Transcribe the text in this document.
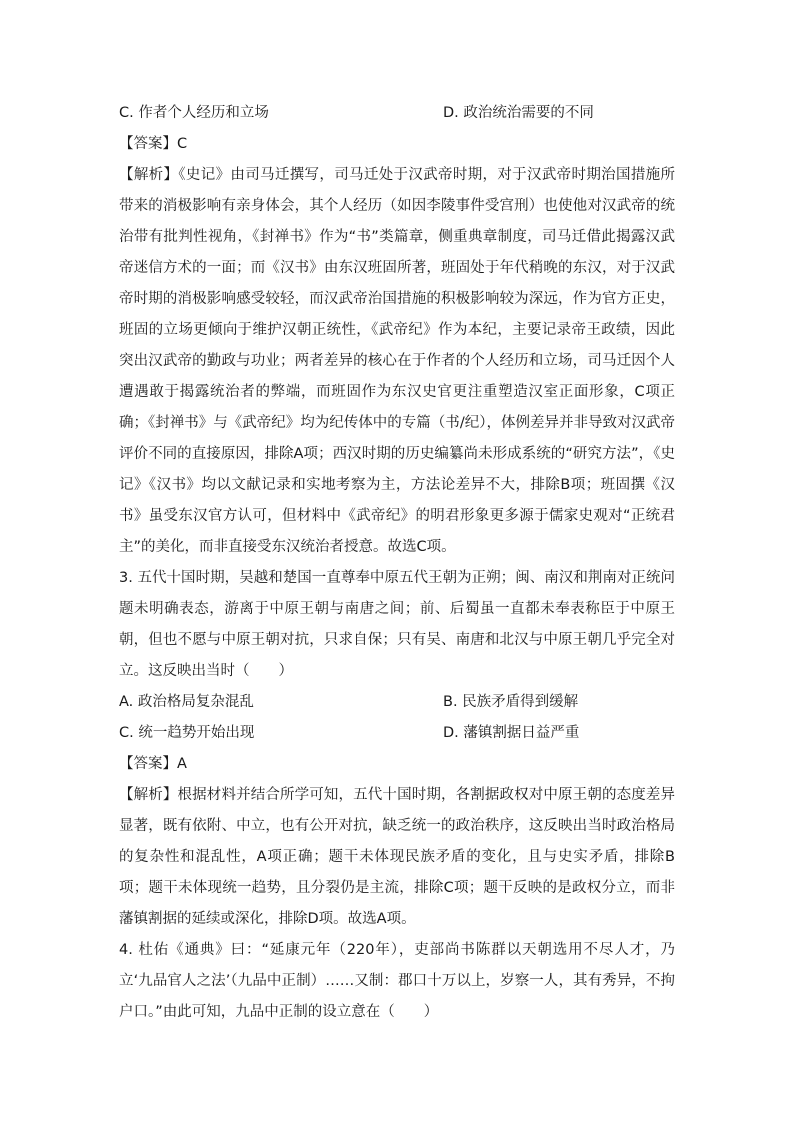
C. 作者个人经历和立场	D. 政治统治需要的不同
【答案】C
【解析】《史记》由司马迁撰写，司马迁处于汉武帝时期，对于汉武帝时期治国措施所带来的消极影响有亲身体会，其个人经历（如因李陵事件受宫刑）也使他对汉武帝的统治带有批判性视角，《封禅书》作为“书”类篇章，侧重典章制度，司马迁借此揭露汉武帝迷信方术的一面；而《汉书》由东汉班固所著，班固处于年代稍晚的东汉，对于汉武帝时期的消极影响感受较轻，而汉武帝治国措施的积极影响较为深远，作为官方正史，班固的立场更倾向于维护汉朝正统性，《武帝纪》作为本纪，主要记录帝王政绩，因此突出汉武帝的勤政与功业；两者差异的核心在于作者的个人经历和立场，司马迁因个人遭遇敢于揭露统治者的弊端，而班固作为东汉史官更注重塑造汉室正面形象，C项正确；《封禅书》与《武帝纪》均为纪传体中的专篇（书/纪），体例差异并非导致对汉武帝评价不同的直接原因，排除A项；西汉时期的历史编纂尚未形成系统的“研究方法”，《史记》《汉书》均以文献记录和实地考察为主，方法论差异不大，排除B项；班固撰《汉书》虽受东汉官方认可，但材料中《武帝纪》的明君形象更多源于儒家史观对“正统君主”的美化，而非直接受东汉统治者授意。故选C项。
3. 五代十国时期，吴越和楚国一直尊奉中原五代王朝为正朔；闽、南汉和荆南对正统问题未明确表态，游离于中原王朝与南唐之间；前、后蜀虽一直都未奉表称臣于中原王朝，但也不愿与中原王朝对抗，只求自保；只有吴、南唐和北汉与中原王朝几乎完全对立。这反映出当时（　　）
A. 政治格局复杂混乱	B. 民族矛盾得到缓解
C. 统一趋势开始出现	D. 藩镇割据日益严重
【答案】A
【解析】根据材料并结合所学可知，五代十国时期，各割据政权对中原王朝的态度差异显著，既有依附、中立，也有公开对抗，缺乏统一的政治秩序，这反映出当时政治格局的复杂性和混乱性，A项正确；题干未体现民族矛盾的变化，且与史实矛盾，排除B项；题干未体现统一趋势，且分裂仍是主流，排除C项；题干反映的是政权分立，而非藩镇割据的延续或深化，排除D项。故选A项。
4. 杜佑《通典》曰：“延康元年（220年），吏部尚书陈群以天朝选用不尽人才，乃立‘九品官人之法’（九品中正制）……又制：郡口十万以上，岁察一人，其有秀异，不拘户口。”由此可知，九品中正制的设立意在（　　）
